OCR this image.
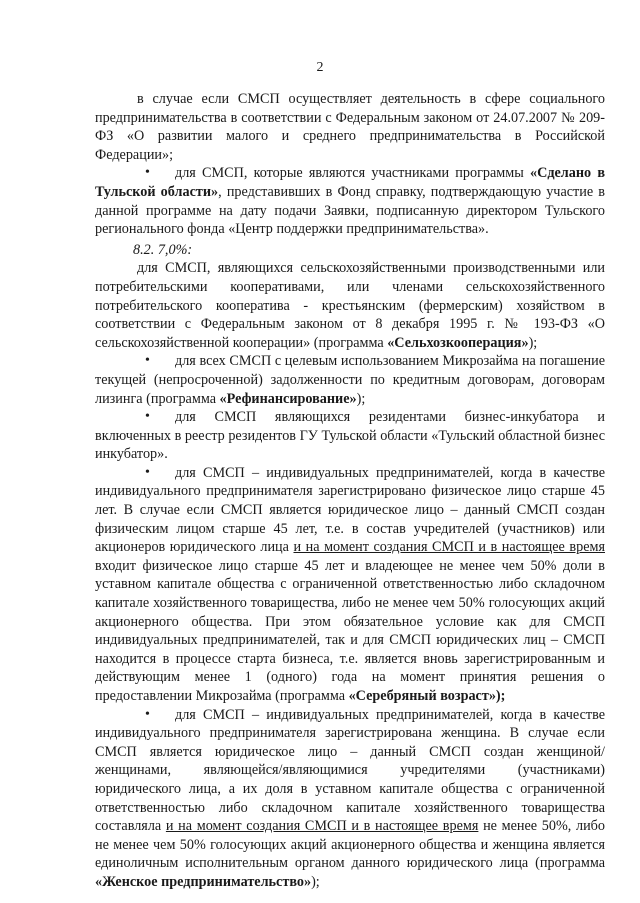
2

в случае если СМСП осуществляет деятельность в сфере социального предпринимательства в соответствии с Федеральным законом от 24.07.2007 № 209-ФЗ «О развитии малого и среднего предпринимательства в Российской Федерации»;

• для СМСП, которые являются участниками программы «Сделано в Тульской области», представивших в Фонд справку, подтверждающую участие в данной программе на дату подачи Заявки, подписанную директором Тульского регионального фонда «Центр поддержки предпринимательства».

8.2. 7,0%:

для СМСП, являющихся сельскохозяйственными производственными или потребительскими кооперативами, или членами сельскохозяйственного потребительского кооператива - крестьянским (фермерским) хозяйством в соответствии с Федеральным законом от 8 декабря 1995 г. № 193-ФЗ «О сельскохозяйственной кооперации» (программа «Сельхозкооперация»);

• для всех СМСП с целевым использованием Микрозайма на погашение текущей (непросроченной) задолженности по кредитным договорам, договорам лизинга (программа «Рефинансирование»);

• для СМСП являющихся резидентами бизнес-инкубатора и включенных в реестр резидентов ГУ Тульской области «Тульский областной бизнес инкубатор».

• для СМСП – индивидуальных предпринимателей, когда в качестве индивидуального предпринимателя зарегистрировано физическое лицо старше 45 лет. В случае если СМСП является юридическое лицо – данный СМСП создан физическим лицом старше 45 лет, т.е. в состав учредителей (участников) или акционеров юридического лица и на момент создания СМСП и в настоящее время входит физическое лицо старше 45 лет и владеющее не менее чем 50% доли в уставном капитале общества с ограниченной ответственностью либо складочном капитале хозяйственного товарищества, либо не менее чем 50% голосующих акций акционерного общества. При этом обязательное условие как для СМСП индивидуальных предпринимателей, так и для СМСП юридических лиц – СМСП находится в процессе старта бизнеса, т.е. является вновь зарегистрированным и действующим менее 1 (одного) года на момент принятия решения о предоставлении Микрозайма (программа «Серебряный возраст»);

• для СМСП – индивидуальных предпринимателей, когда в качестве индивидуального предпринимателя зарегистрирована женщина. В случае если СМСП является юридическое лицо – данный СМСП создан женщиной/женщинами, являющейся/являющимися учредителями (участниками) юридического лица, а их доля в уставном капитале общества с ограниченной ответственностью либо складочном капитале хозяйственного товарищества составляла и на момент создания СМСП и в настоящее время не менее 50%, либо не менее чем 50% голосующих акций акционерного общества и женщина является единоличным исполнительным органом данного юридического лица (программа «Женское предпринимательство»);
